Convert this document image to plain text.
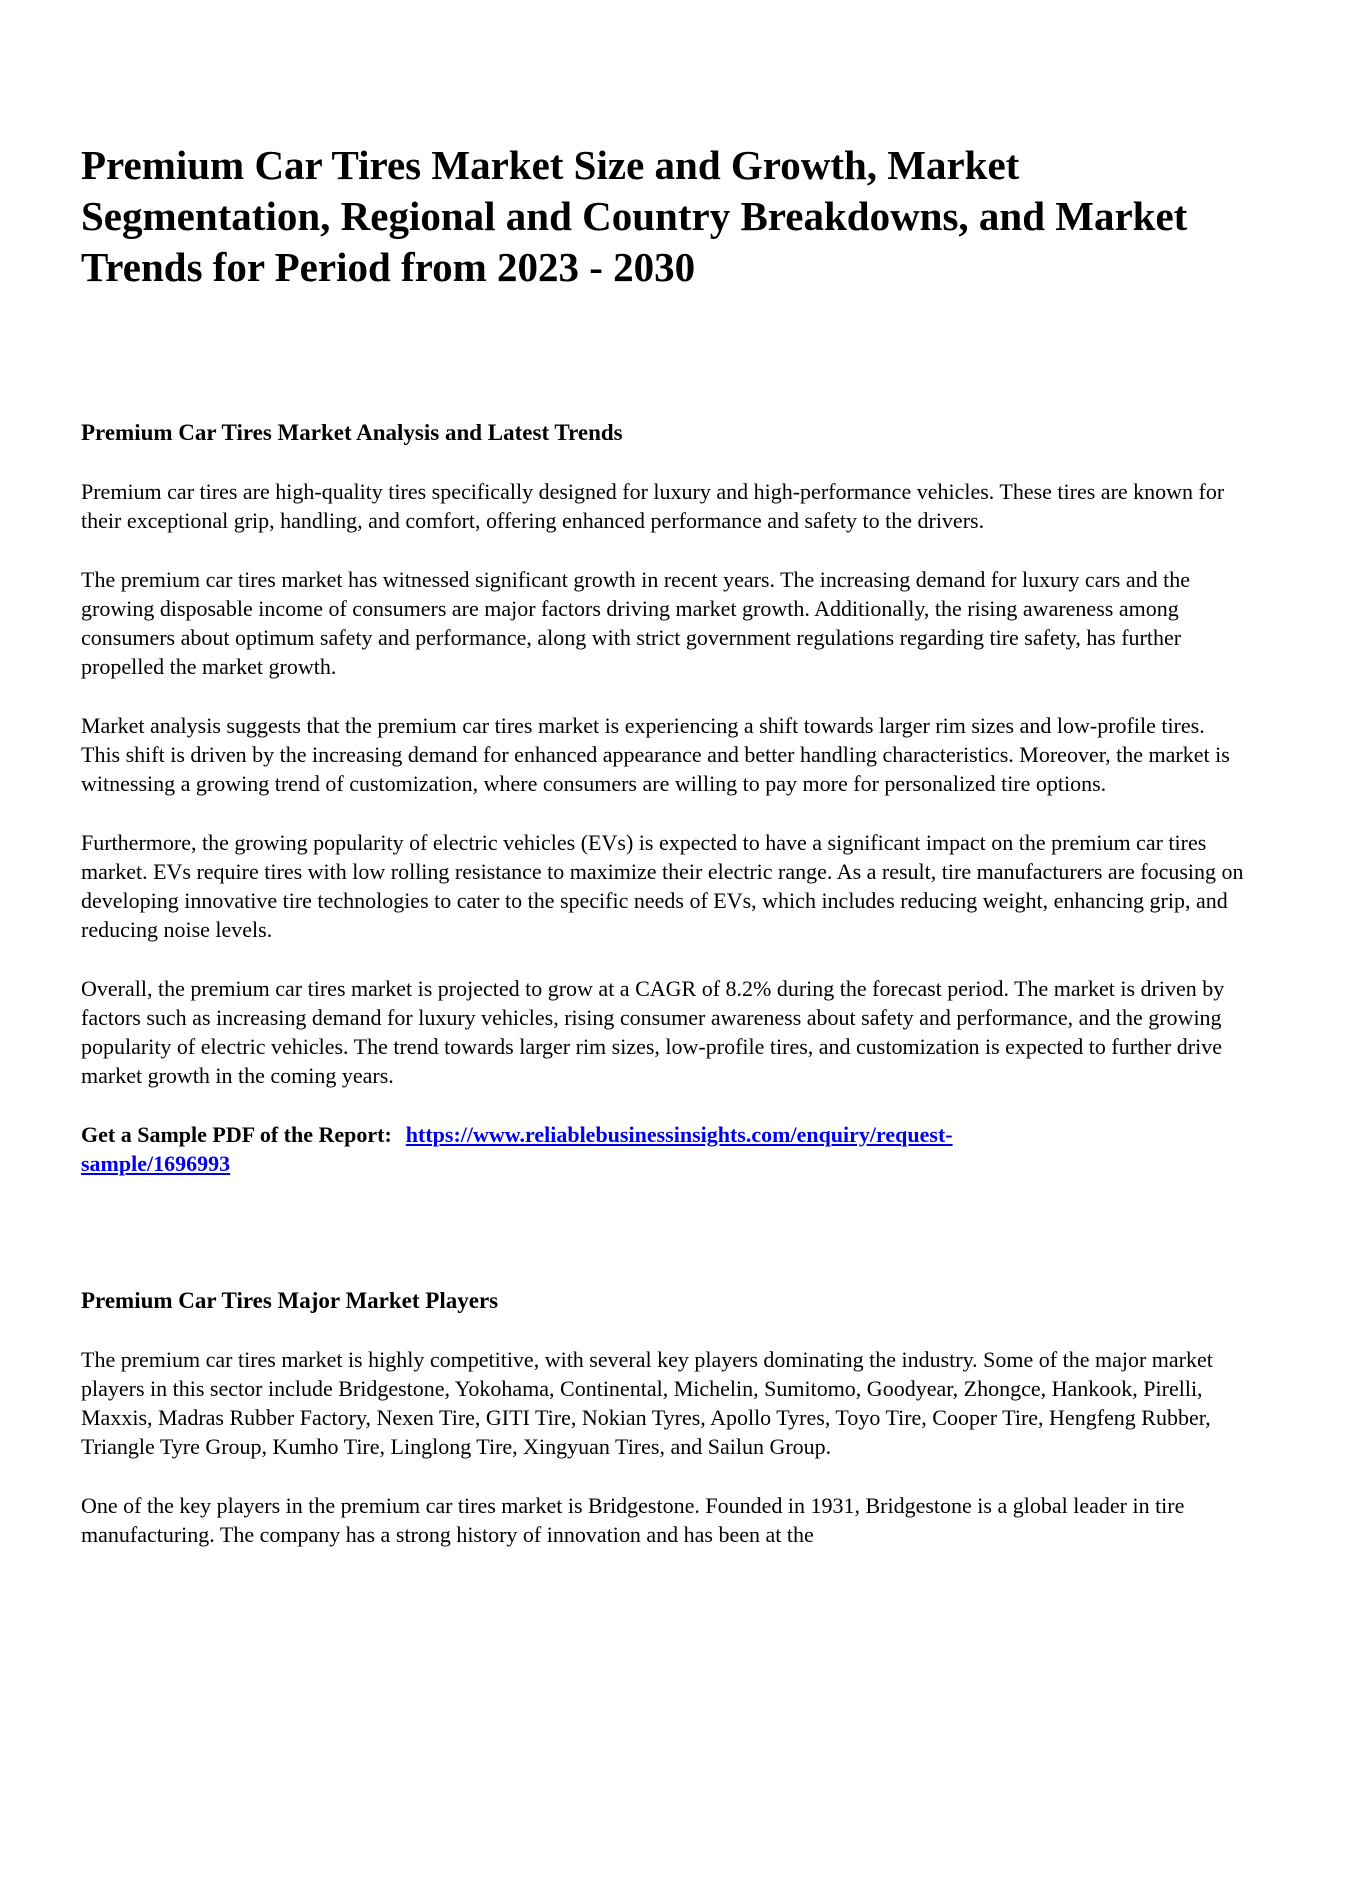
Premium Car Tires Market Size and Growth, Market Segmentation, Regional and Country Breakdowns, and Market Trends for Period from 2023 - 2030
Premium Car Tires Market Analysis and Latest Trends

Premium car tires are high-quality tires specifically designed for luxury and high-performance vehicles. These tires are known for their exceptional grip, handling, and comfort, offering enhanced performance and safety to the drivers.

The premium car tires market has witnessed significant growth in recent years. The increasing demand for luxury cars and the growing disposable income of consumers are major factors driving market growth. Additionally, the rising awareness among consumers about optimum safety and performance, along with strict government regulations regarding tire safety, has further propelled the market growth.

Market analysis suggests that the premium car tires market is experiencing a shift towards larger rim sizes and low-profile tires. This shift is driven by the increasing demand for enhanced appearance and better handling characteristics. Moreover, the market is witnessing a growing trend of customization, where consumers are willing to pay more for personalized tire options.

Furthermore, the growing popularity of electric vehicles (EVs) is expected to have a significant impact on the premium car tires market. EVs require tires with low rolling resistance to maximize their electric range. As a result, tire manufacturers are focusing on developing innovative tire technologies to cater to the specific needs of EVs, which includes reducing weight, enhancing grip, and reducing noise levels.

Overall, the premium car tires market is projected to grow at a CAGR of 8.2% during the forecast period. The market is driven by factors such as increasing demand for luxury vehicles, rising consumer awareness about safety and performance, and the growing popularity of electric vehicles. The trend towards larger rim sizes, low-profile tires, and customization is expected to further drive market growth in the coming years.

Get a Sample PDF of the Report: https://www.reliablebusinessinsights.com/enquiry/request-
sample/1696993

Premium Car Tires Major Market Players

The premium car tires market is highly competitive, with several key players dominating the industry. Some of the major market players in this sector include Bridgestone, Yokohama, Continental, Michelin, Sumitomo, Goodyear, Zhongce, Hankook, Pirelli, Maxxis, Madras Rubber Factory, Nexen Tire, GITI Tire, Nokian Tyres, Apollo Tyres, Toyo Tire, Cooper Tire, Hengfeng Rubber, Triangle Tyre Group, Kumho Tire, Linglong Tire, Xingyuan Tires, and Sailun Group.

One of the key players in the premium car tires market is Bridgestone. Founded in 1931, Bridgestone is a global leader in tire manufacturing. The company has a strong history of innovation and has been at the
